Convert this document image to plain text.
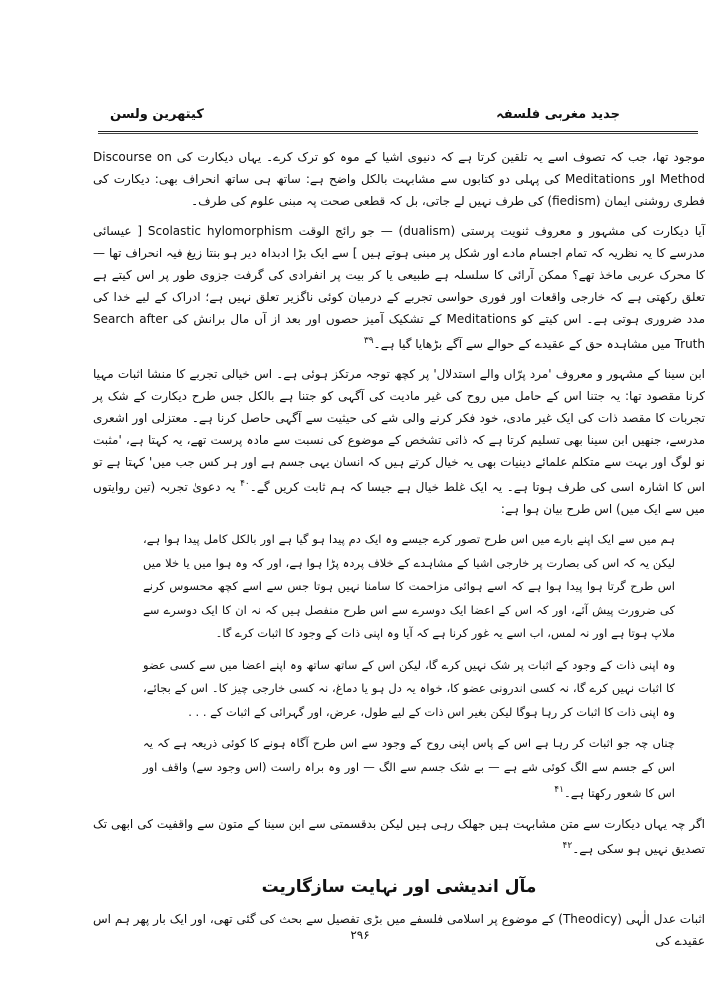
جدید مغربی فلسفہ
کیتھرین ولسن

موجود تھا، جب کہ تصوف اسے یہ تلقین کرتا ہے کہ دنیوی اشیا کے موہ کو ترک کرے۔ یہاں دیکارت کی Discourse on Method اور Meditations کی پہلی دو کتابوں سے مشابہت بالکل واضح ہے: ساتھ ہی ساتھ انحراف بھی: دیکارت کی فطری روشنی ایمان (fiedism) کی طرف نہیں لے جاتی، بل کہ قطعی صحت پہ مبنی علوم کی طرف۔

آیا دیکارت کی مشہور و معروف ثنویت پرستی (dualism) — جو رائج الوقت Scolastic hylomorphism [ عیسائی مدرسے کا یہ نظریہ کہ تمام اجسام مادے اور شکل پر مبنی ہوتے ہیں ] سے ایک بڑا ادبداہ دیر ہو بنتا زیغ فیہ انحراف تھا — کا محرک عربی ماخذ تھے؟ ممکن آرائی کا سلسلہ ہے طبیعی یا کر بیت پر انفرادی کی گرفت جزوی طور پر اس کیتے ہے تعلق رکھتی ہے کہ خارجی واقعات اور فوری حواسی تجربے کے درمیان کوئی ناگزیر تعلق نہیں ہے؛ ادراک کے لیے خدا کی مدد ضروری ہوتی ہے۔ اس کیتے کو Meditations کے تشکیک آمیز حصوں اور بعد از آں مال برانش کی Search after Truth میں مشاہدہ حق کے عقیدے کے حوالے سے آگے بڑھایا گیا ہے۔$^{۳۹}$

ابن سینا کے مشہور و معروف 'مرد پرّاں والے استدلال' پر کچھ توجہ مرتکز ہوئی ہے۔ اس خیالی تجربے کا منشا اثبات مہیا کرنا مقصود تھا: یہ جتنا اس کے حامل میں روح کی غیر مادیت کی آگہی کو جتنا ہے بالکل جس طرح دیکارت کے شک پر تجربات کا مقصد ذات کی ایک غیر مادی، خود فکر کرنے والی شے کی حیثیت سے آگہی حاصل کرنا ہے۔ معتزلی اور اشعری مدرسے، جنھیں ابن سینا بھی تسلیم کرتا ہے کہ ذاتی تشخص کے موضوع کی نسبت سے مادہ پرست تھے، یہ کہتا ہے، 'مثبت نو لوگ اور بہت سے متکلم علمائے دینیات بھی یہ خیال کرتے ہیں کہ انسان یہی جسم ہے اور ہر کس جب میں' کہتا ہے تو اس کا اشارہ اسی کی طرف ہوتا ہے۔ یہ ایک غلط خیال ہے جیسا کہ ہم ثابت کریں گے۔$^{۴۰}$ یہ دعویٰ تجربہ (تین روایتوں میں سے ایک میں) اس طرح بیان ہوا ہے:

ہم میں سے ایک اپنے بارے میں اس طرح تصور کرے جیسے وہ ایک دم پیدا ہو گیا ہے اور بالکل کامل پیدا ہوا ہے، لیکن یہ کہ اس کی بصارت پر خارجی اشیا کے مشاہدے کے خلاف پردہ پڑا ہوا ہے، اور کہ وہ ہوا میں یا خلا میں اس طرح گرتا ہوا پیدا ہوا ہے کہ اسے ہوائی مزاحمت کا سامنا نہیں ہوتا جس سے اسے کچھ محسوس کرنے کی ضرورت پیش آئے، اور کہ اس کے اعضا ایک دوسرے سے اس طرح منفصل ہیں کہ نہ ان کا ایک دوسرے سے ملاپ ہوتا ہے اور نہ لمس، اب اسے یہ غور کرنا ہے کہ آیا وہ اپنی ذات کے وجود کا اثبات کرے گا۔

وہ اپنی ذات کے وجود کے اثبات پر شک نہیں کرے گا، لیکن اس کے ساتھ ساتھ وہ اپنے اعضا میں سے کسی عضو کا اثبات نہیں کرے گا، نہ کسی اندرونی عضو کا، خواہ یہ دل ہو یا دماغ، نہ کسی خارجی چیز کا۔ اس کے بجائے، وہ اپنی ذات کا اثبات کر رہا ہوگا لیکن بغیر اس ذات کے لیے طول، عرض، اور گہرائی کے اثبات کے . . .

چناں چہ جو اثبات کر رہا ہے اس کے پاس اپنی روح کے وجود سے اس طرح آگاہ ہونے کا کوئی ذریعہ ہے کہ یہ اس کے جسم سے الگ کوئی شے ہے — بے شک جسم سے الگ — اور وہ براہ راست (اس وجود سے) واقف اور اس کا شعور رکھتا ہے۔$^{۴۱}$

اگر چہ یہاں دیکارت سے متن مشابہت ہیں جھلک رہی ہیں لیکن بدقسمتی سے ابن سینا کے متون سے واقفیت کی ابھی تک تصدیق نہیں ہو سکی ہے۔$^{۴۲}$

مآل اندیشی اور نہایت سازگاریت

اثبات عدل الٰہی (Theodicy) کے موضوع پر اسلامی فلسفے میں بڑی تفصیل سے بحث کی گئی تھی، اور ایک بار پھر ہم اس عقیدے کی

۲۹۶
